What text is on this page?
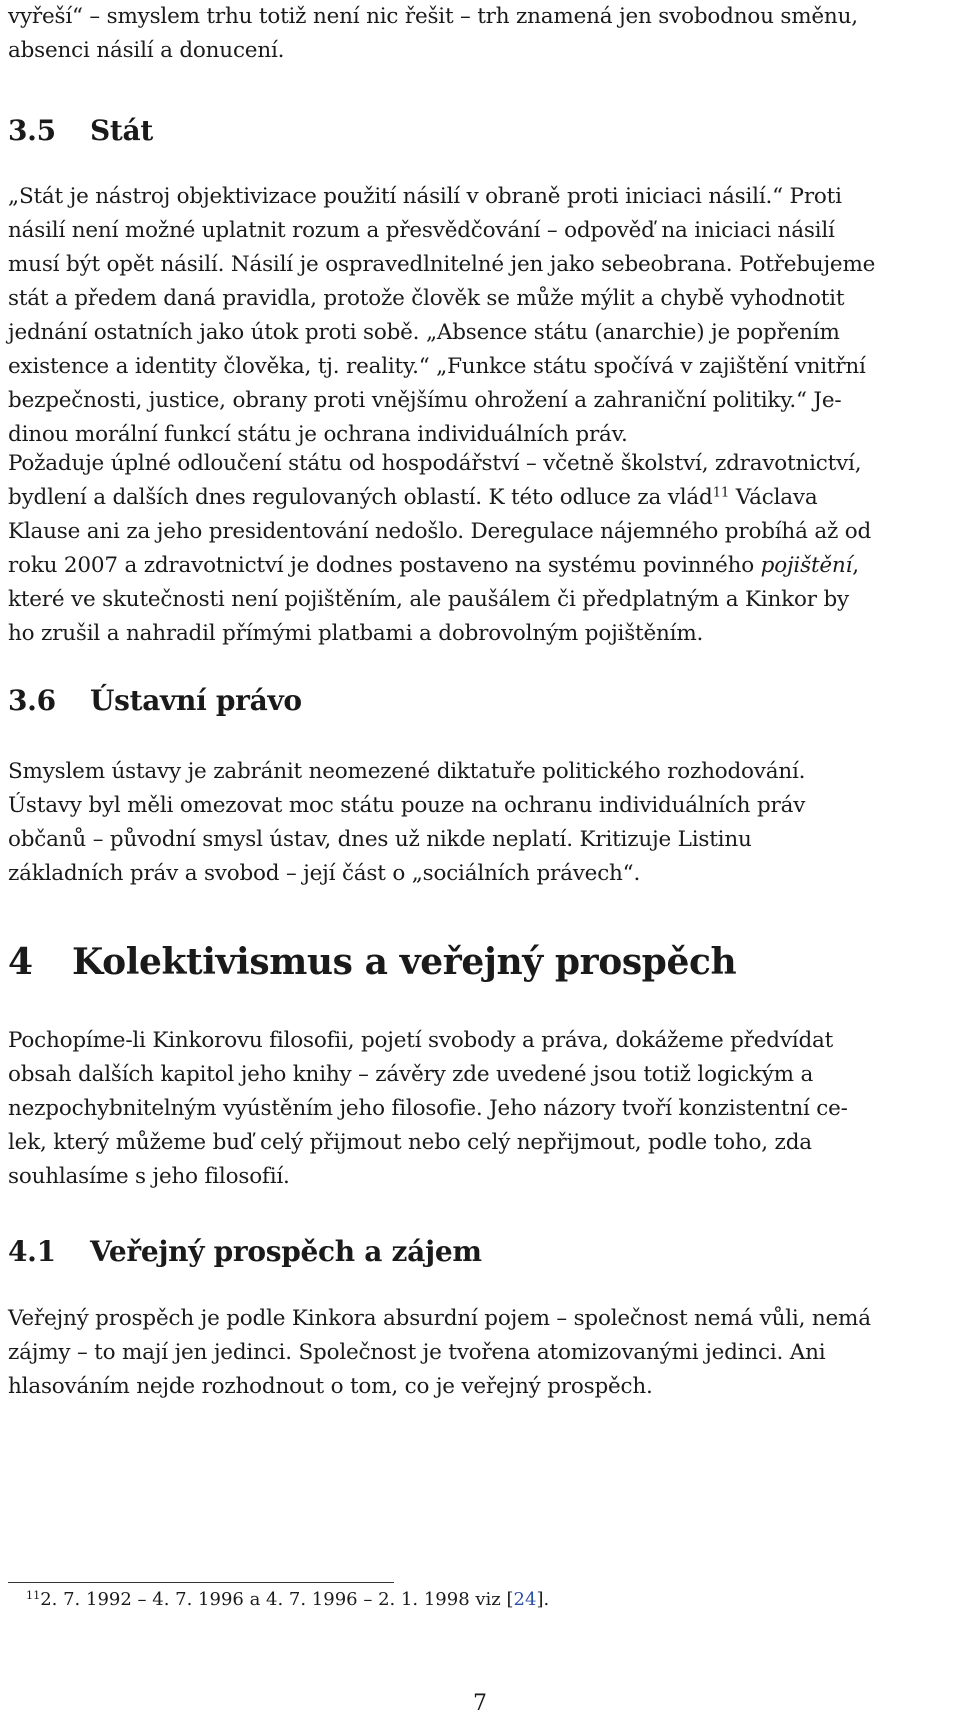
vyřeší“ – smyslem trhu totiž není nic řešit – trh znamená jen svobodnou směnu,

absenci násilí a donucení.

3.5 Stát

„Stát je nástroj objektivizace použití násilí v obraně proti iniciaci násilí.“ Proti

násilí není možné uplatnit rozum a přesvědčování – odpověď na iniciaci násilí

musí být opět násilí. Násilí je ospravedlnitelné jen jako sebeobrana. Potřebujeme

stát a předem daná pravidla, protože člověk se může mýlit a chybě vyhodnotit

jednání ostatních jako útok proti sobě. „Absence státu (anarchie) je popřením

existence a identity člověka, tj. reality.“ „Funkce státu spočívá v zajištění vnitřní

bezpečnosti, justice, obrany proti vnějšímu ohrožení a zahraniční politiky.“ Je-

dinou morální funkcí státu je ochrana individuálních práv.

Požaduje úplné odloučení státu od hospodářství – včetně školství, zdravotnictví,

bydlení a dalších dnes regulovaných oblastí. K této odluce za vlád$^{11}$ Václava

Klause ani za jeho presidentování nedošlo. Deregulace nájemného probíhá až od

roku 2007 a zdravotnictví je dodnes postaveno na systému povinného pojištění,

které ve skutečnosti není pojištěním, ale paušálem či předplatným a Kinkor by

ho zrušil a nahradil přímými platbami a dobrovolným pojištěním.

3.6 Ústavní právo

Smyslem ústavy je zabránit neomezené diktatuře politického rozhodování.

Ústavy byl měli omezovat moc státu pouze na ochranu individuálních práv

občanů – původní smysl ústav, dnes už nikde neplatí. Kritizuje Listinu

základních práv a svobod – její část o „sociálních právech“.

4 Kolektivismus a veřejný prospěch

Pochopíme-li Kinkorovu filosofii, pojetí svobody a práva, dokážeme předvídat

obsah dalších kapitol jeho knihy – závěry zde uvedené jsou totiž logickým a

nezpochybnitelným vyústěním jeho filosofie. Jeho názory tvoří konzistentní ce-

lek, který můžeme buď celý přijmout nebo celý nepřijmout, podle toho, zda

souhlasíme s jeho filosofií.

4.1 Veřejný prospěch a zájem

Veřejný prospěch je podle Kinkora absurdní pojem – společnost nemá vůli, nemá

zájmy – to mají jen jedinci. Společnost je tvořena atomizovanými jedinci. Ani

hlasováním nejde rozhodnout o tom, co je veřejný prospěch.

$^{11}$2. 7. 1992 – 4. 7. 1996 a 4. 7. 1996 – 2. 1. 1998 viz [24].
7
